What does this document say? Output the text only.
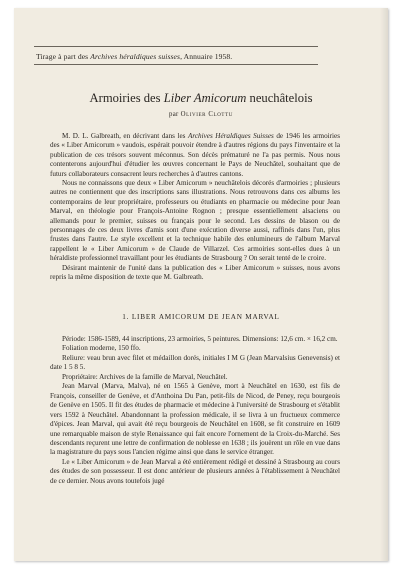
Tirage à part des Archives héraldiques suisses, Annuaire 1958.
Armoiries des Liber Amicorum neuchâtelois
par Olivier Clottu

M. D. L. Galbreath, en décrivant dans les Archives Héraldiques Suisses de 1946 les armoiries des « Liber Amicorum » vaudois, espérait pouvoir étendre à d'autres régions du pays l'inventaire et la publication de ces trésors souvent méconnus. Son décès prématuré ne l'a pas permis. Nous nous contenterons aujourd'hui d'étudier les œuvres concernant le Pays de Neuchâtel, souhaitant que de futurs collaborateurs consacrent leurs recherches à d'autres cantons.

Nous ne connaissons que deux « Liber Amicorum » neuchâtelois décorés d'armoiries ; plusieurs autres ne contiennent que des inscriptions sans illustrations. Nous retrouvons dans ces albums les contemporains de leur propriétaire, professeurs ou étudiants en pharmacie ou médecine pour Jean Marval, en théologie pour François-Antoine Rognon ; presque essentiellement alsaciens ou allemands pour le premier, suisses ou français pour le second. Les dessins de blason ou de personnages de ces deux livres d'amis sont d'une exécution diverse aussi, raffinés dans l'un, plus frustes dans l'autre. Le style excellent et la technique habile des enlumineurs de l'album Marval rappellent le « Liber Amicorum » de Claude de Villarzel. Ces armoiries sont-elles dues à un héraldiste professionnel travaillant pour les étudiants de Strasbourg ? On serait tenté de le croire.

Désirant maintenir de l'unité dans la publication des « Liber Amicorum » suisses, nous avons repris la même disposition de texte que M. Galbreath.

1. LIBER AMICORUM DE JEAN MARVAL

Période: 1586-1589, 44 inscriptions, 23 armoiries, 5 peintures. Dimensions: 12,6 cm. × 16,2 cm.

Foliation moderne, 150 ffo.

Reliure: veau brun avec filet et médaillon dorés, initiales I M G (Jean Marvalsius Genevensis) et date 1 5 8 5.

Propriétaire: Archives de la famille de Marval, Neuchâtel.

Jean Marval (Marva, Malva), né en 1565 à Genève, mort à Neuchâtel en 1630, est fils de François, conseiller de Genève, et d'Anthoina Du Pan, petit-fils de Nicod, de Peney, reçu bourgeois de Genève en 1505. Il fit des études de pharmacie et médecine à l'université de Strasbourg et s'établit vers 1592 à Neuchâtel. Abandonnant la profession médicale, il se livra à un fructueux commerce d'épices. Jean Marval, qui avait été reçu bourgeois de Neuchâtel en 1608, se fit construire en 1609 une remarquable maison de style Renaissance qui fait encore l'ornement de la Croix-du-Marché. Ses descendants reçurent une lettre de confirmation de noblesse en 1638 ; ils jouèrent un rôle en vue dans la magistrature du pays sous l'ancien régime ainsi que dans le service étranger.

Le « Liber Amicorum » de Jean Marval a été entièrement rédigé et dessiné à Strasbourg au cours des études de son possesseur. Il est donc antérieur de plusieurs années à l'établissement à Neuchâtel de ce dernier. Nous avons toutefois jugé
